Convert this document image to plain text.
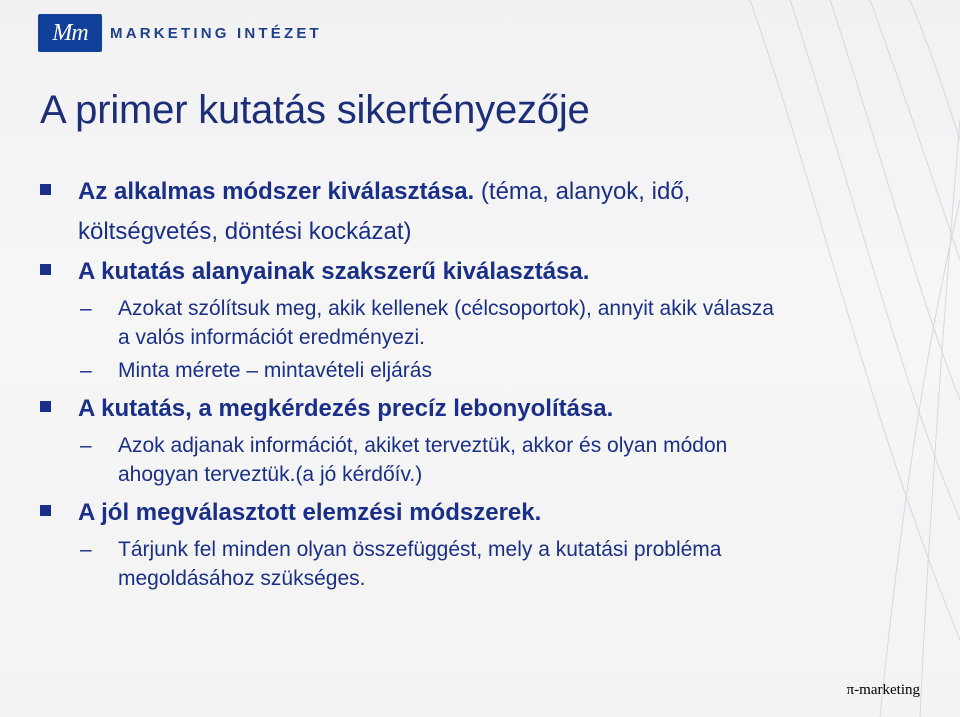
Mm	MARKETING INTÉZET
A primer kutatás sikertényezője
Az alkalmas módszer kiválasztása. (téma, alanyok, idő,
költségvetés, döntési kockázat)
A kutatás alanyainak szakszerű kiválasztása.
– Azokat szólítsuk meg, akik kellenek (célcsoportok), annyit akik válasza a valós információt eredményezi.
– Minta mérete – mintavételi eljárás
A kutatás, a megkérdezés precíz lebonyolítása.
– Azok adjanak információt, akiket terveztük, akkor és olyan módon ahogyan terveztük.(a jó kérdőív.)
A jól megválasztott elemzési módszerek.
– Tárjunk fel minden olyan összefüggést, mely a kutatási probléma megoldásához szükséges.
π-marketing
